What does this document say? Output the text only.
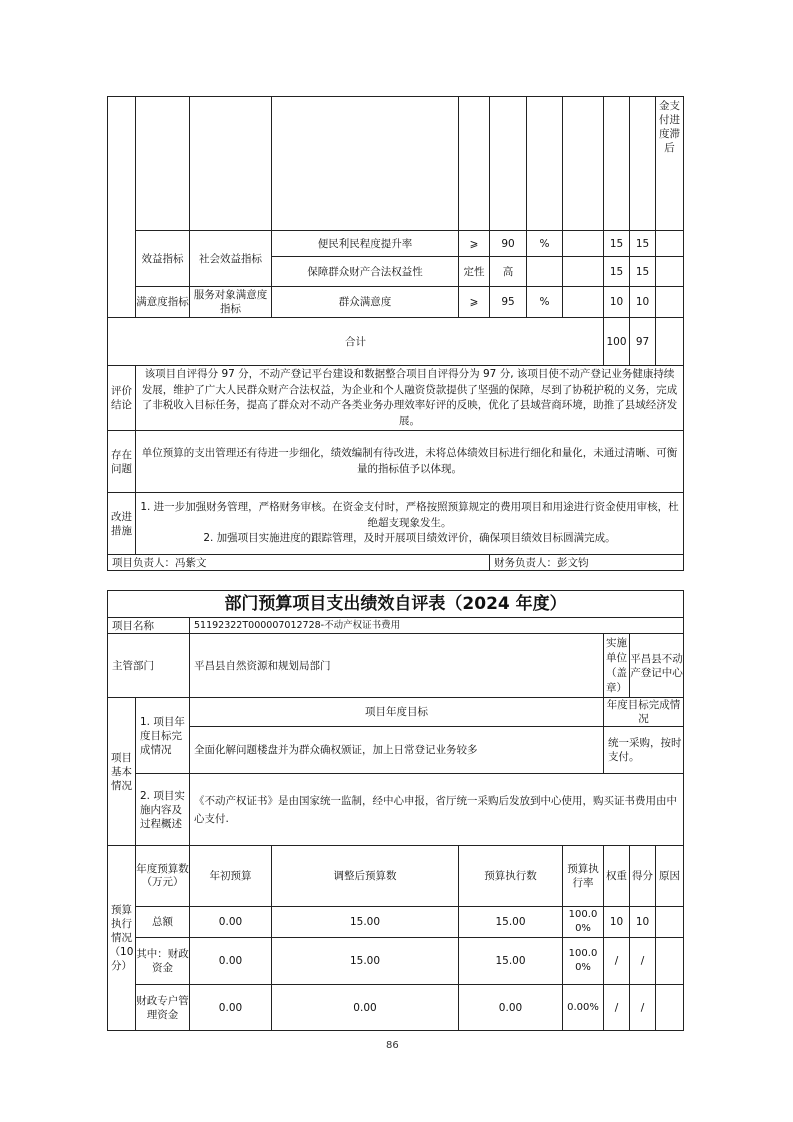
										金支付进度滞后
	效益指标	社会效益指标	便民利民程度提升率	⩾	90	%		15	15	
			保障群众财产合法权益性	定性	高			15	15	
	满意度指标	服务对象满意度指标	群众满意度	⩾	95	%		10	10	
合计								100	97	
评价结论	该项目自评得分 97 分，不动产登记平台建设和数据整合项目自评得分为 97 分, 该项目使不动产登记业务健康持续发展，维护了广大人民群众财产合法权益，为企业和个人融资贷款提供了坚强的保障，尽到了协税护税的义务，完成了非税收入目标任务，提高了群众对不动产各类业务办理效率好评的反映，优化了县域营商环境，助推了县域经济发展。									
存在问题	单位预算的支出管理还有待进一步细化，绩效编制有待改进，未将总体绩效目标进行细化和量化，未通过清晰、可衡量的指标值予以体现。									
改进措施	1. 进一步加强财务管理，严格财务审核。在资金支付时，严格按照预算规定的费用项目和用途进行资金使用审核，杜绝超支现象发生。
2. 加强项目实施进度的跟踪管理，及时开展项目绩效评价，确保项目绩效目标圆满完成。									

项目负责人：冯紫文					财务负责人：彭文钧					
部门预算项目支出绩效自评表（2024 年度）								
项目名称		51192322T000007012728-不动产权证书费用						
主管部门		平昌县自然资源和规划局部门				实施单位（盖章）	平昌县不动产登记中心	
项目基本情况	1. 项目年度目标完成情况	项目年度目标				年度目标完成情况		
		全面化解问题楼盘并为群众确权颁证，加上日常登记业务较多				统一采购，按时支付。		
	2. 项目实施内容及过程概述	《不动产权证书》是由国家统一监制，经中心申报，省厅统一采购后发放到中心使用，购买证书费用由中心支付.						
预算执行情况（10分）	年度预算数（万元）	年初预算	调整后预算数	预算执行数	预算执行率	权重	得分	原因
	总额	0.00	15.00	15.00	100.00%	10	10	
	其中：财政资金	0.00	15.00	15.00	100.00%	/	/	
	财政专户管理资金	0.00	0.00	0.00	0.00%	/	/	
86
